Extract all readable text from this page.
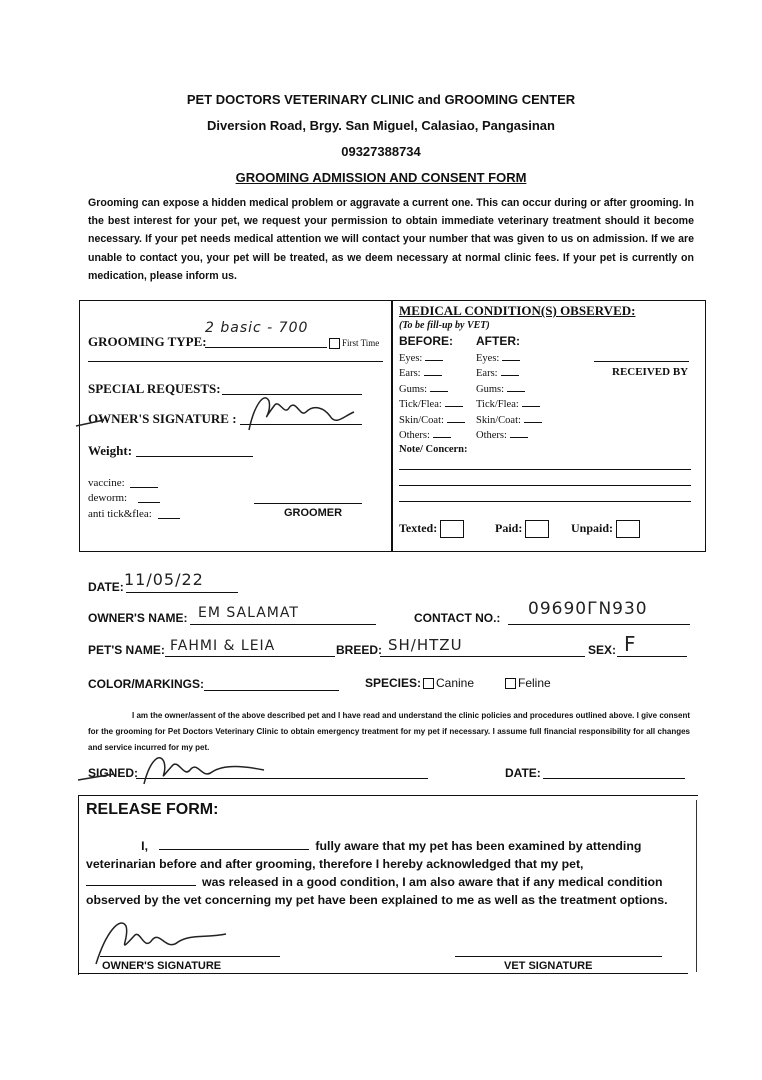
PET DOCTORS VETERINARY CLINIC and GROOMING CENTER
Diversion Road, Brgy. San Miguel, Calasiao, Pangasinan
09327388734
GROOMING ADMISSION AND CONSENT FORM
Grooming can expose a hidden medical problem or aggravate a current one. This can occur during or after grooming. In the best interest for your pet, we request your permission to obtain immediate veterinary treatment should it become necessary. If your pet needs medical attention we will contact your number that was given to us on admission. If we are unable to contact you, your pet will be treated, as we deem necessary at normal clinic fees. If your pet is currently on medication, please inform us.
GROOMING TYPE:
2 basic - 700
First Time
SPECIAL REQUESTS:
OWNER'S SIGNATURE :
Weight:
vaccine:
deworm:
anti tick&flea:	GROOMER
MEDICAL CONDITION(S) OBSERVED:
(To be fill-up by VET)
BEFORE: AFTER:
Eyes:	Eyes:
Ears:	Ears:
Gums:	Gums:
Tick/Flea:	Tick/Flea:
Skin/Coat:	Skin/Coat:
Others:	Others:
RECEIVED BY
Note/ Concern:
Texted:	Paid:	Unpaid:
DATE: 11/05/22
OWNER'S NAME: EM SALAMAT	CONTACT NO.: 09690ГN930
PET'S NAME: FAHMI & LEIA	BREED: SH/HTZU	SEX: F
COLOR/MARKINGS:	SPECIES:	Canine	Feline
I am the owner/assent of the above described pet and I have read and understand the clinic policies and procedures outlined above. I give consent for the grooming for Pet Doctors Veterinary Clinic to obtain emergency treatment for my pet if necessary. I assume full financial responsibility for all changes and service incurred for my pet.
SIGNED:	DATE:
RELEASE FORM:
I,	fully aware that my pet has been examined by attending
veterinarian before and after grooming, therefore I hereby acknowledged that my pet,
was released in a good condition, I am also aware that if any medical condition
observed by the vet concerning my pet have been explained to me as well as the treatment options.
OWNER'S SIGNATURE	VET SIGNATURE
